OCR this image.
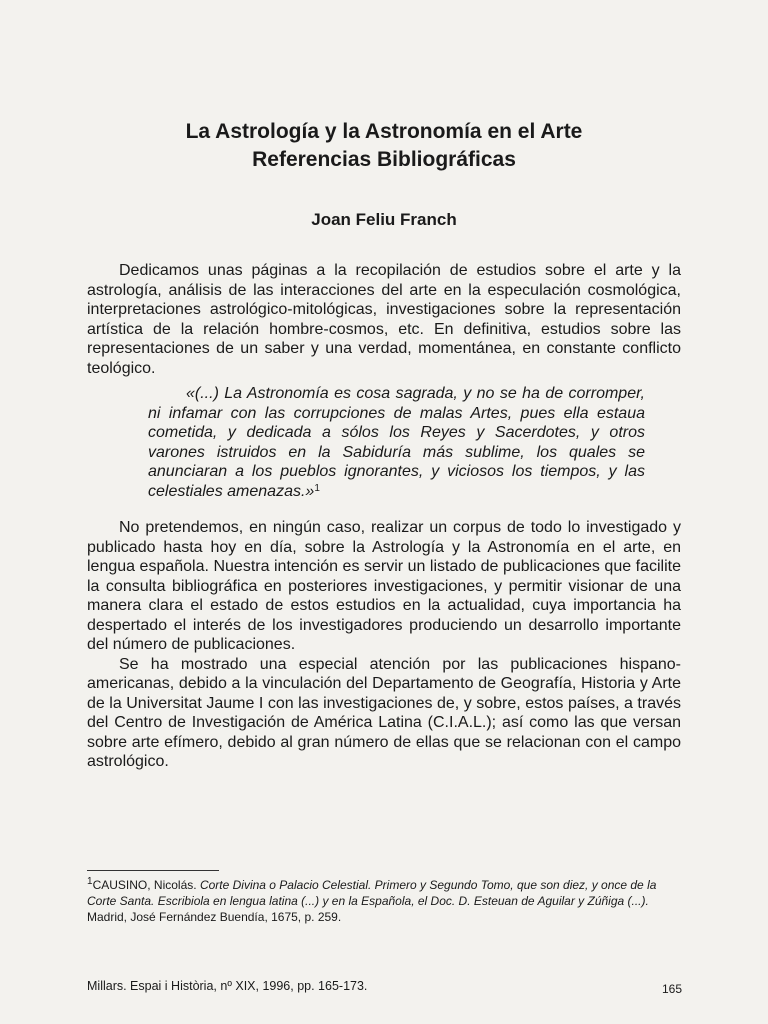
La Astrología y la Astronomía en el Arte
Referencias Bibliográficas
Joan Feliu Franch

Dedicamos unas páginas a la recopilación de estudios sobre el arte y la astrología, análisis de las interacciones del arte en la especulación cosmológica, interpretaciones astrológico-mitológicas, investigaciones sobre la representación artística de la relación hombre-cosmos, etc. En definitiva, estudios sobre las representaciones de un saber y una verdad, momentánea, en constante conflicto teológico.

«(...) La Astronomía es cosa sagrada, y no se ha de corromper, ni infamar con las corrupciones de malas Artes, pues ella estaua cometida, y dedicada a sólos los Reyes y Sacerdotes, y otros varones istruidos en la Sabiduría más sublime, los quales se anunciaran a los pueblos ignorantes, y viciosos los tiempos, y las celestiales amenazas.»$^1$

No pretendemos, en ningún caso, realizar un corpus de todo lo investigado y publicado hasta hoy en día, sobre la Astrología y la Astronomía en el arte, en lengua española. Nuestra intención es servir un listado de publicaciones que facilite la consulta bibliográfica en posteriores investigaciones, y permitir visionar de una manera clara el estado de estos estudios en la actualidad, cuya importancia ha despertado el interés de los investigadores produciendo un desarrollo importante del número de publicaciones.

Se ha mostrado una especial atención por las publicaciones hispanoamericanas, debido a la vinculación del Departamento de Geografía, Historia y Arte de la Universitat Jaume I con las investigaciones de, y sobre, estos países, a través del Centro de Investigación de América Latina (C.I.A.L.); así como las que versan sobre arte efímero, debido al gran número de ellas que se relacionan con el campo astrológico.

$^1$CAUSINO, Nicolás. Corte Divina o Palacio Celestial. Primero y Segundo Tomo, que son diez, y once de la Corte Santa. Escribiola en lengua latina (...) y en la Española, el Doc. D. Esteuan de Aguilar y Zúñiga (...). Madrid, José Fernández Buendía, 1675, p. 259.

Millars. Espai i Història, nº XIX, 1996, pp. 165-173.	165
